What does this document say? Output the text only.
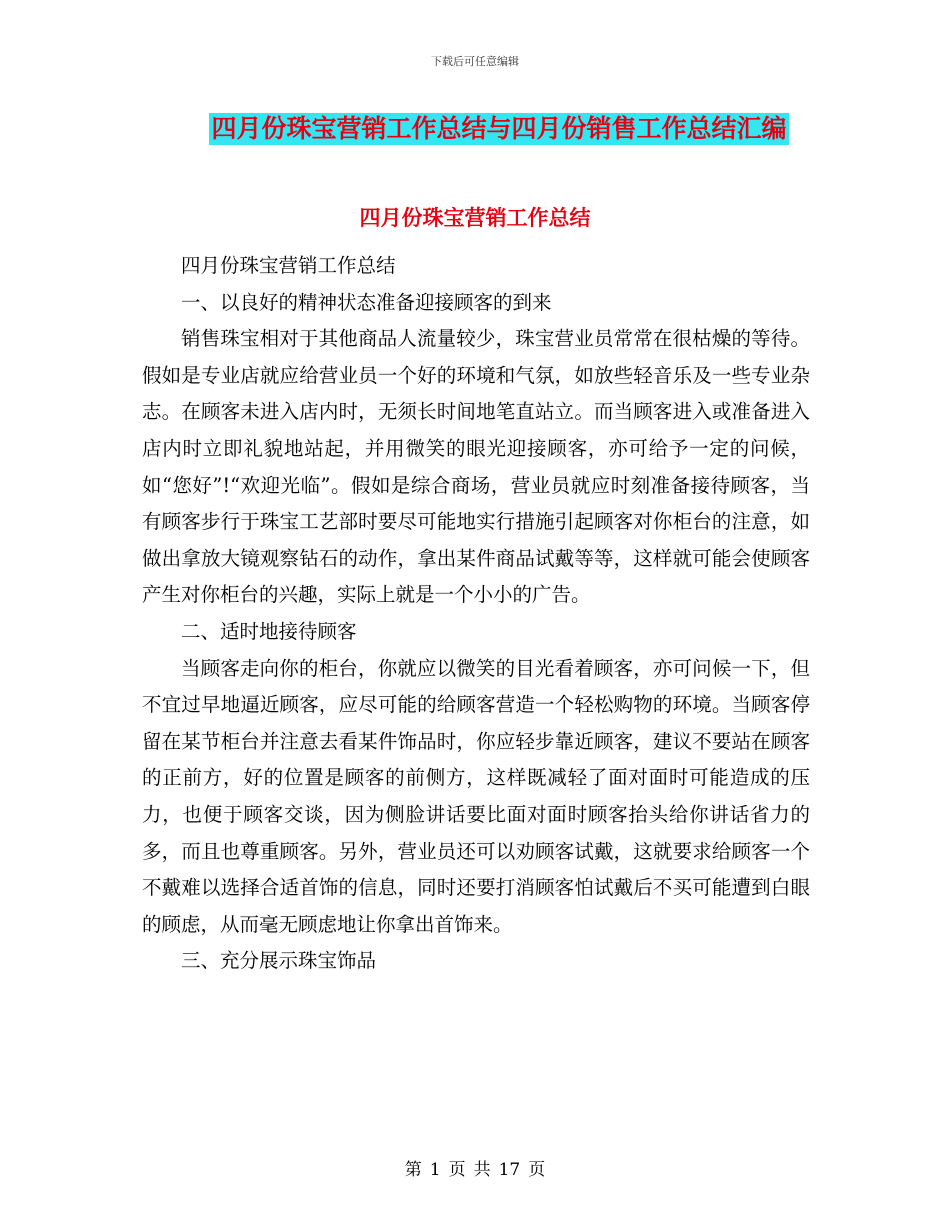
下载后可任意编辑
四月份珠宝营销工作总结与四月份销售工作总结汇编
四月份珠宝营销工作总结

四月份珠宝营销工作总结

一、以良好的精神状态准备迎接顾客的到来

销售珠宝相对于其他商品人流量较少，珠宝营业员常常在很枯燥的等待。假如是专业店就应给营业员一个好的环境和气氛，如放些轻音乐及一些专业杂志。在顾客未进入店内时，无须长时间地笔直站立。而当顾客进入或准备进入店内时立即礼貌地站起，并用微笑的眼光迎接顾客，亦可给予一定的问候，如“您好”!“欢迎光临”。假如是综合商场，营业员就应时刻准备接待顾客，当有顾客步行于珠宝工艺部时要尽可能地实行措施引起顾客对你柜台的注意，如做出拿放大镜观察钻石的动作，拿出某件商品试戴等等，这样就可能会使顾客产生对你柜台的兴趣，实际上就是一个小小的广告。

二、适时地接待顾客

当顾客走向你的柜台，你就应以微笑的目光看着顾客，亦可问候一下，但不宜过早地逼近顾客，应尽可能的给顾客营造一个轻松购物的环境。当顾客停留在某节柜台并注意去看某件饰品时，你应轻步靠近顾客，建议不要站在顾客的正前方，好的位置是顾客的前侧方，这样既减轻了面对面时可能造成的压力，也便于顾客交谈，因为侧脸讲话要比面对面时顾客抬头给你讲话省力的多，而且也尊重顾客。另外，营业员还可以劝顾客试戴，这就要求给顾客一个不戴难以选择合适首饰的信息，同时还要打消顾客怕试戴后不买可能遭到白眼的顾虑，从而毫无顾虑地让你拿出首饰来。

三、充分展示珠宝饰品

第 1 页 共 17 页
